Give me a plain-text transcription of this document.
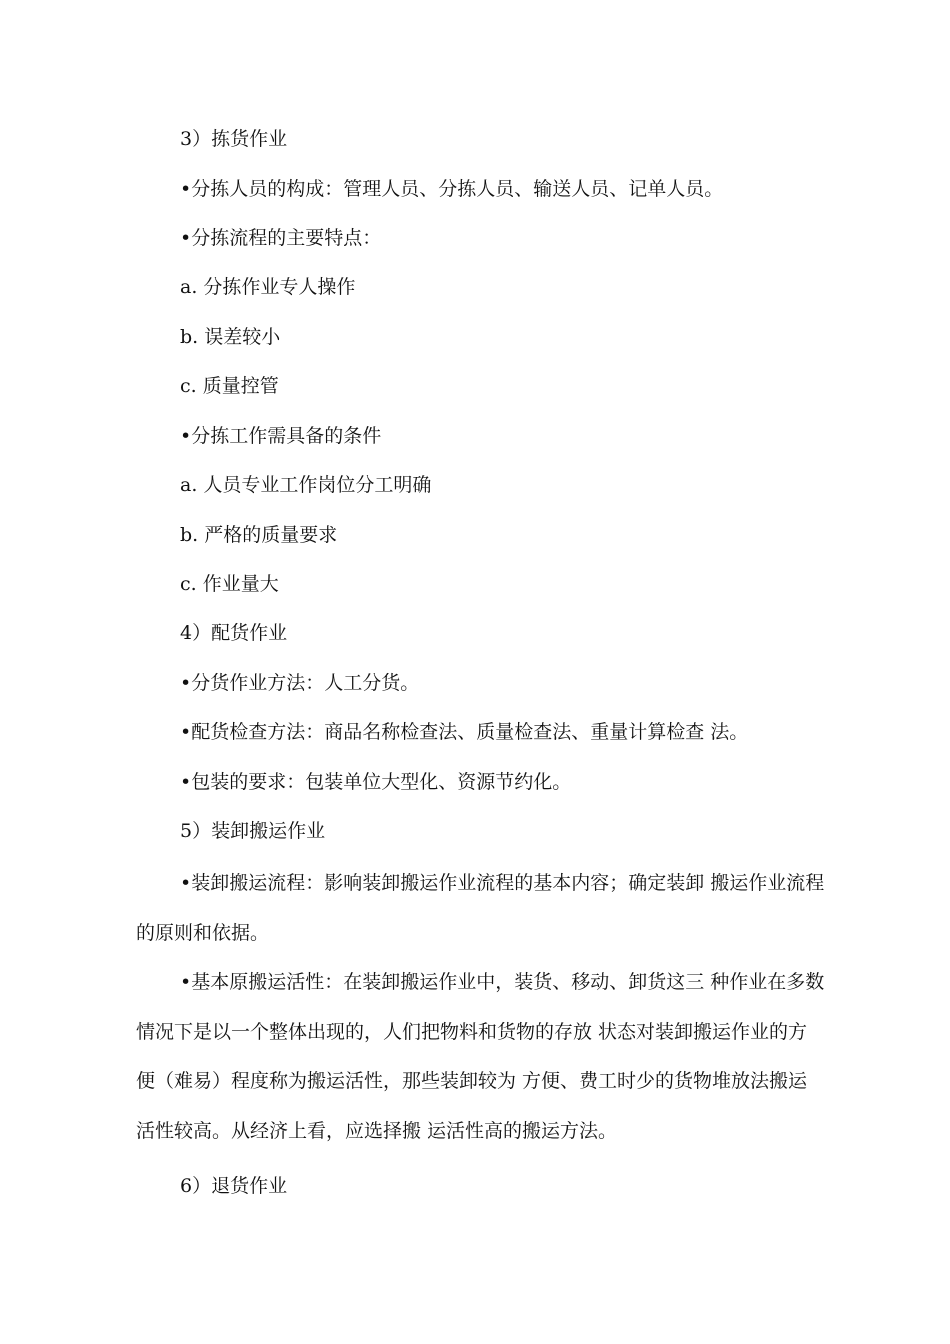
3）拣货作业

•分拣人员的构成：管理人员、分拣人员、输送人员、记单人员。

•分拣流程的主要特点：

a. 分拣作业专人操作

b. 误差较小

c. 质量控管

•分拣工作需具备的条件

a. 人员专业工作岗位分工明确

b. 严格的质量要求

c. 作业量大

4）配货作业

•分货作业方法：人工分货。

•配货检查方法：商品名称检查法、质量检查法、重量计算检查 法。

•包装的要求：包装单位大型化、资源节约化。

5）装卸搬运作业

•装卸搬运流程：影响装卸搬运作业流程的基本内容；确定装卸 搬运作业流程的原则和依据。

•基本原搬运活性：在装卸搬运作业中，装货、移动、卸货这三 种作业在多数情况下是以一个整体出现的，人们把物料和货物的存放 状态对装卸搬运作业的方便（难易）程度称为搬运活性，那些装卸较为 方便、费工时少的货物堆放法搬运活性较高。从经济上看，应选择搬 运活性高的搬运方法。

6）退货作业
